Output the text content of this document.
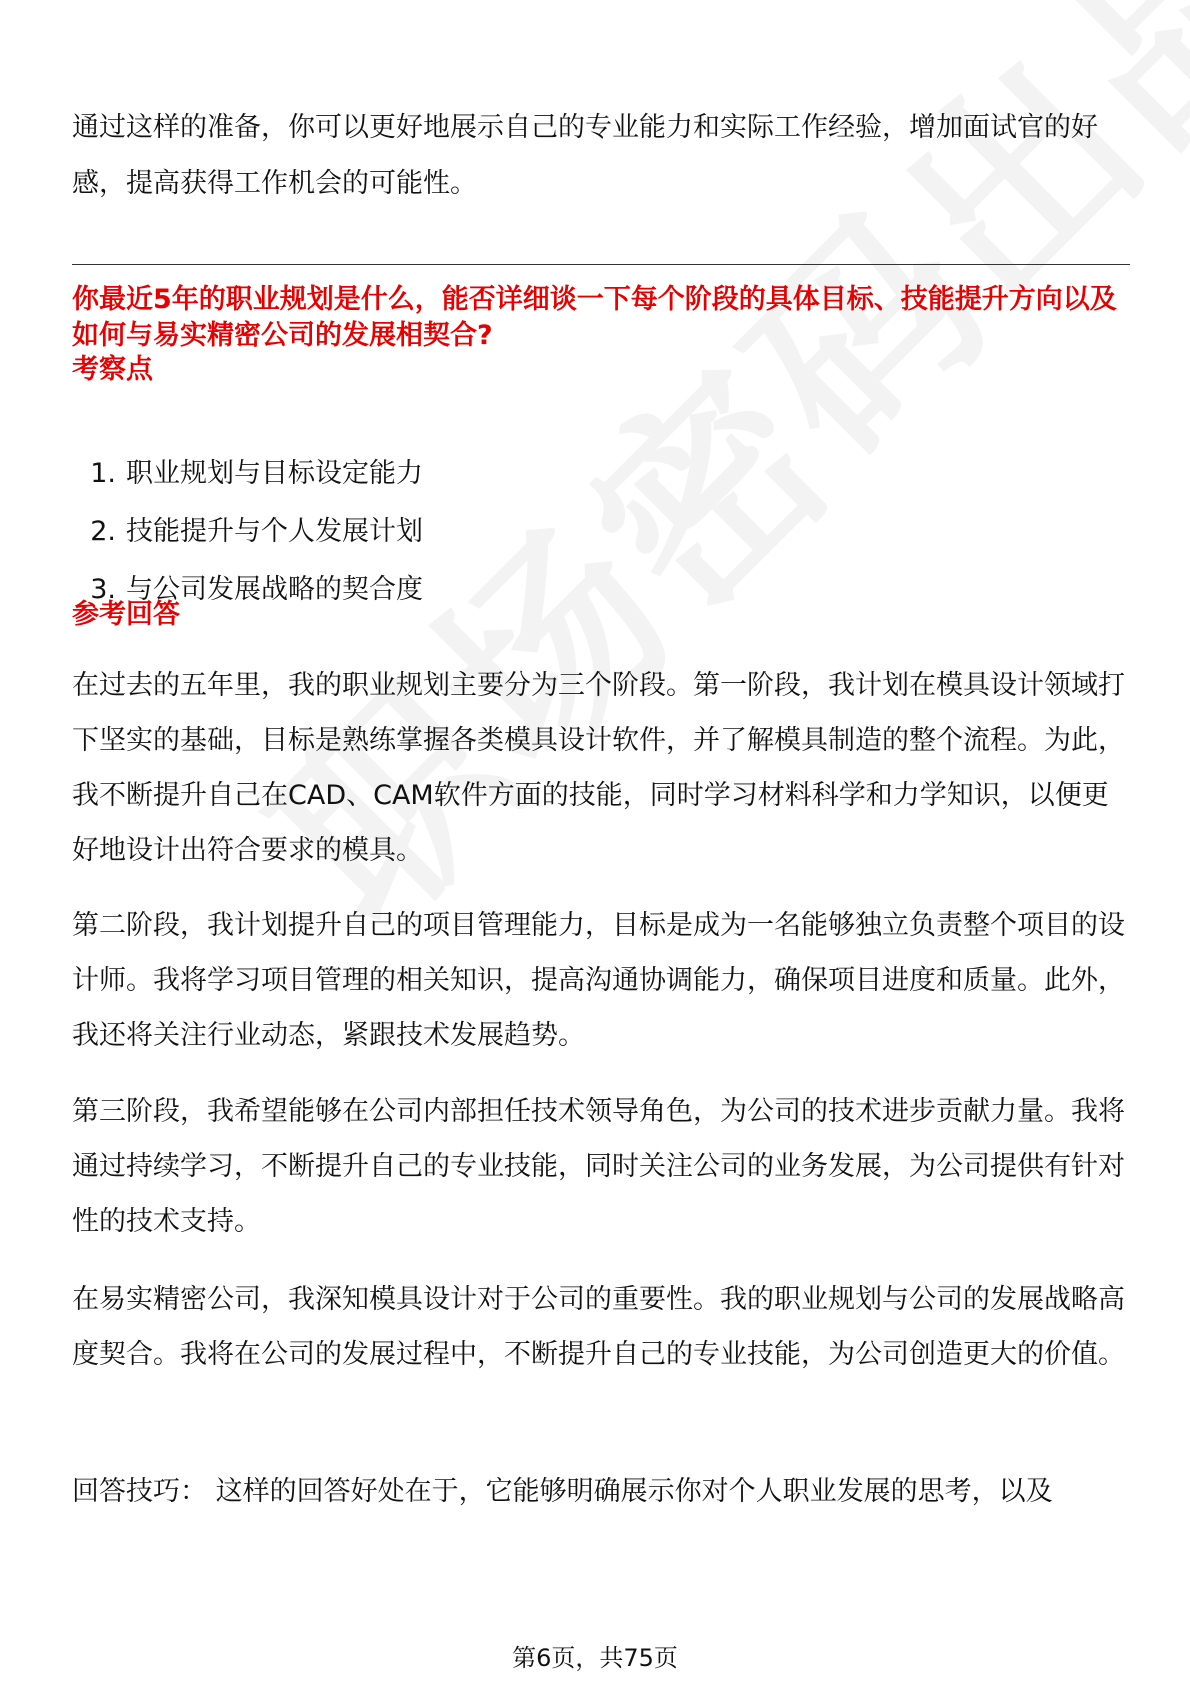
通过这样的准备，你可以更好地展示自己的专业能力和实际工作经验，增加面试官的好感，提高获得工作机会的可能性。

你最近5年的职业规划是什么，能否详细谈一下每个阶段的具体目标、技能提升方向以及如何与易实精密公司的发展相契合?

考察点

1. 职业规划与目标设定能力
2. 技能提升与个人发展计划
3. 与公司发展战略的契合度

参考回答

在过去的五年里，我的职业规划主要分为三个阶段。第一阶段，我计划在模具设计领域打下坚实的基础，目标是熟练掌握各类模具设计软件，并了解模具制造的整个流程。为此，我不断提升自己在CAD、CAM软件方面的技能，同时学习材料科学和力学知识，以便更好地设计出符合要求的模具。

第二阶段，我计划提升自己的项目管理能力，目标是成为一名能够独立负责整个项目的设计师。我将学习项目管理的相关知识，提高沟通协调能力，确保项目进度和质量。此外，我还将关注行业动态，紧跟技术发展趋势。

第三阶段，我希望能够在公司内部担任技术领导角色，为公司的技术进步贡献力量。我将通过持续学习，不断提升自己的专业技能，同时关注公司的业务发展，为公司提供有针对性的技术支持。

在易实精密公司，我深知模具设计对于公司的重要性。我的职业规划与公司的发展战略高度契合。我将在公司的发展过程中，不断提升自己的专业技能，为公司创造更大的价值。

回答技巧： 这样的回答好处在于，它能够明确展示你对个人职业发展的思考，以及

第6页，共75页
